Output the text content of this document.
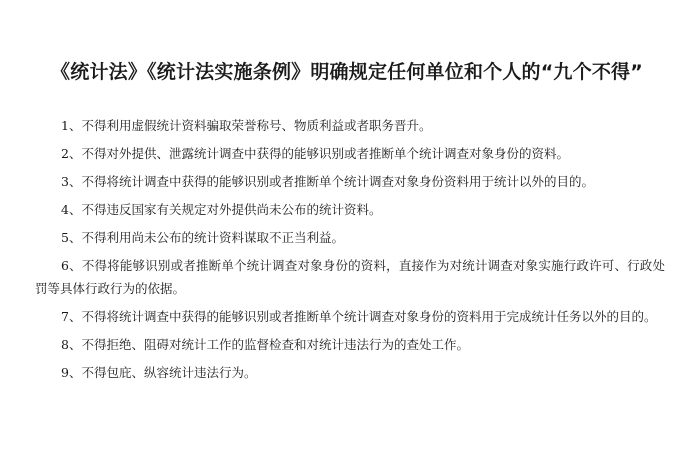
《统计法》《统计法实施条例》明确规定任何单位和个人的“九个不得”

1、不得利用虚假统计资料骗取荣誉称号、物质利益或者职务晋升。

2、不得对外提供、泄露统计调查中获得的能够识别或者推断单个统计调查对象身份的资料。

3、不得将统计调查中获得的能够识别或者推断单个统计调查对象身份资料用于统计以外的目的。

4、不得违反国家有关规定对外提供尚未公布的统计资料。

5、不得利用尚未公布的统计资料谋取不正当利益。

6、不得将能够识别或者推断单个统计调查对象身份的资料，直接作为对统计调查对象实施行政许可、行政处罚等具体行政行为的依据。

7、不得将统计调查中获得的能够识别或者推断单个统计调查对象身份的资料用于完成统计任务以外的目的。

8、不得拒绝、阻碍对统计工作的监督检查和对统计违法行为的查处工作。

9、不得包庇、纵容统计违法行为。
